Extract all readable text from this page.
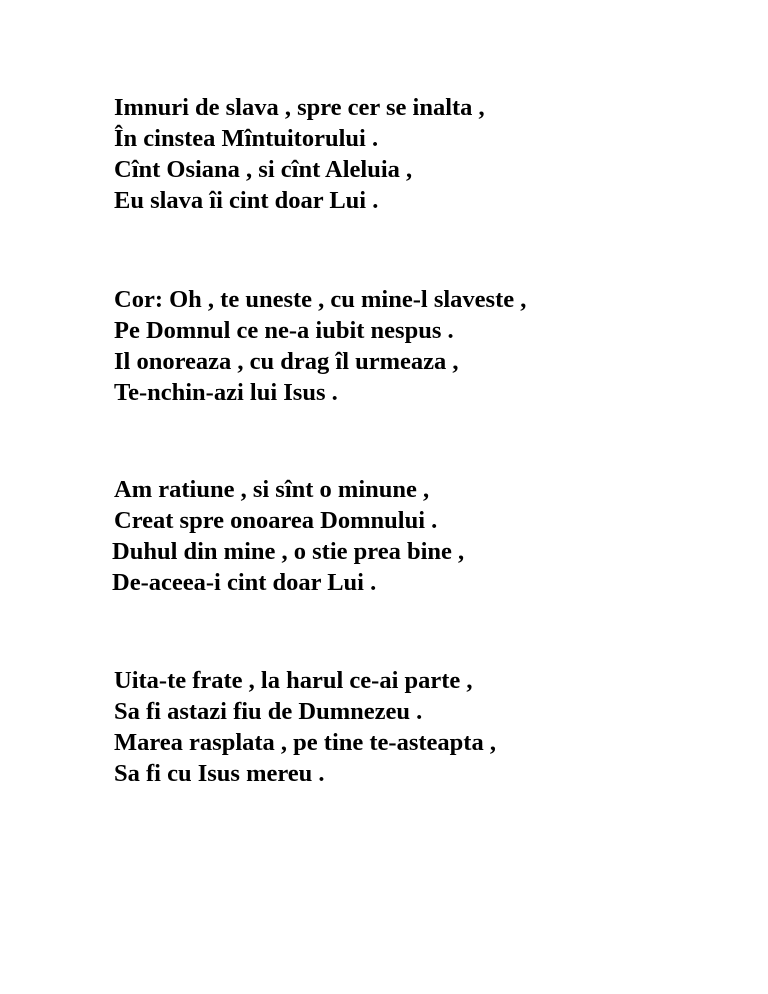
Imnuri de slava , spre cer se inalta ,

În cinstea Mîntuitorului .

Cînt Osiana , si cînt Aleluia ,

Eu slava îi cint doar Lui .

Cor: Oh , te uneste , cu mine-l slaveste ,

Pe Domnul ce ne-a iubit nespus .

Il onoreaza , cu drag îl urmeaza ,

Te-nchin-azi lui Isus .

Am ratiune , si sînt o minune ,

Creat spre onoarea Domnului .

Duhul din mine , o stie prea bine ,

De-aceea-i cint doar Lui .

Uita-te frate , la harul ce-ai parte ,

Sa fi astazi fiu de Dumnezeu .

Marea rasplata , pe tine te-asteapta ,

Sa fi cu Isus mereu .
